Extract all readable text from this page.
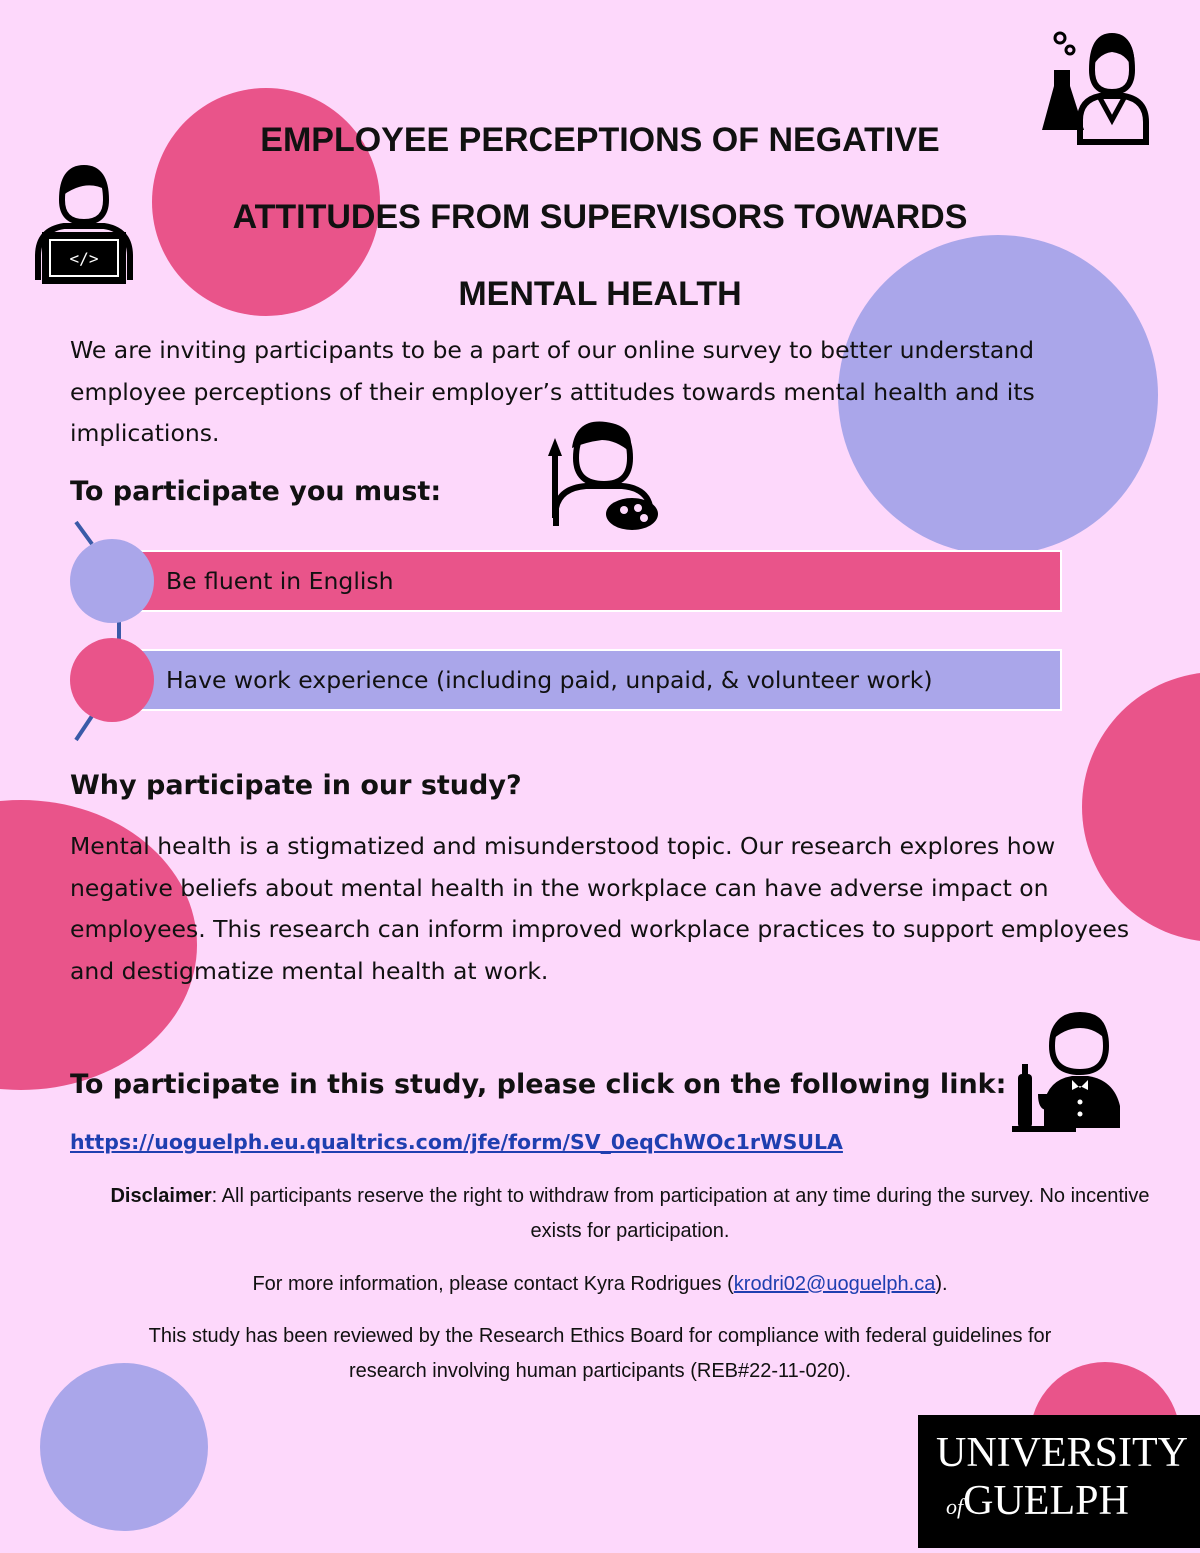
EMPLOYEE PERCEPTIONS OF NEGATIVE
ATTITUDES FROM SUPERVISORS TOWARDS
MENTAL HEALTH
</>

We are inviting participants to be a part of our online survey to better understand employee perceptions of their employer’s attitudes towards mental health and its implications.

To participate you must:
Be fluent in English
Have work experience (including paid, unpaid, & volunteer work)
Why participate in our study?

Mental health is a stigmatized and misunderstood topic. Our research explores how negative beliefs about mental health in the workplace can have adverse impact on employees. This research can inform improved workplace practices to support employees and destigmatize mental health at work.

To participate in this study, please click on the following link:
https://uoguelph.eu.qualtrics.com/jfe/form/SV_0eqChWOc1rWSULA

Disclaimer: All participants reserve the right to withdraw from participation at any time during the survey. No incentive exists for participation.

For more information, please contact Kyra Rodrigues (krodri02@uoguelph.ca).

This study has been reviewed by the Research Ethics Board for compliance with federal guidelines for research involving human participants (REB#22-11-020).

UNIVERSITY
ofGUELPH
